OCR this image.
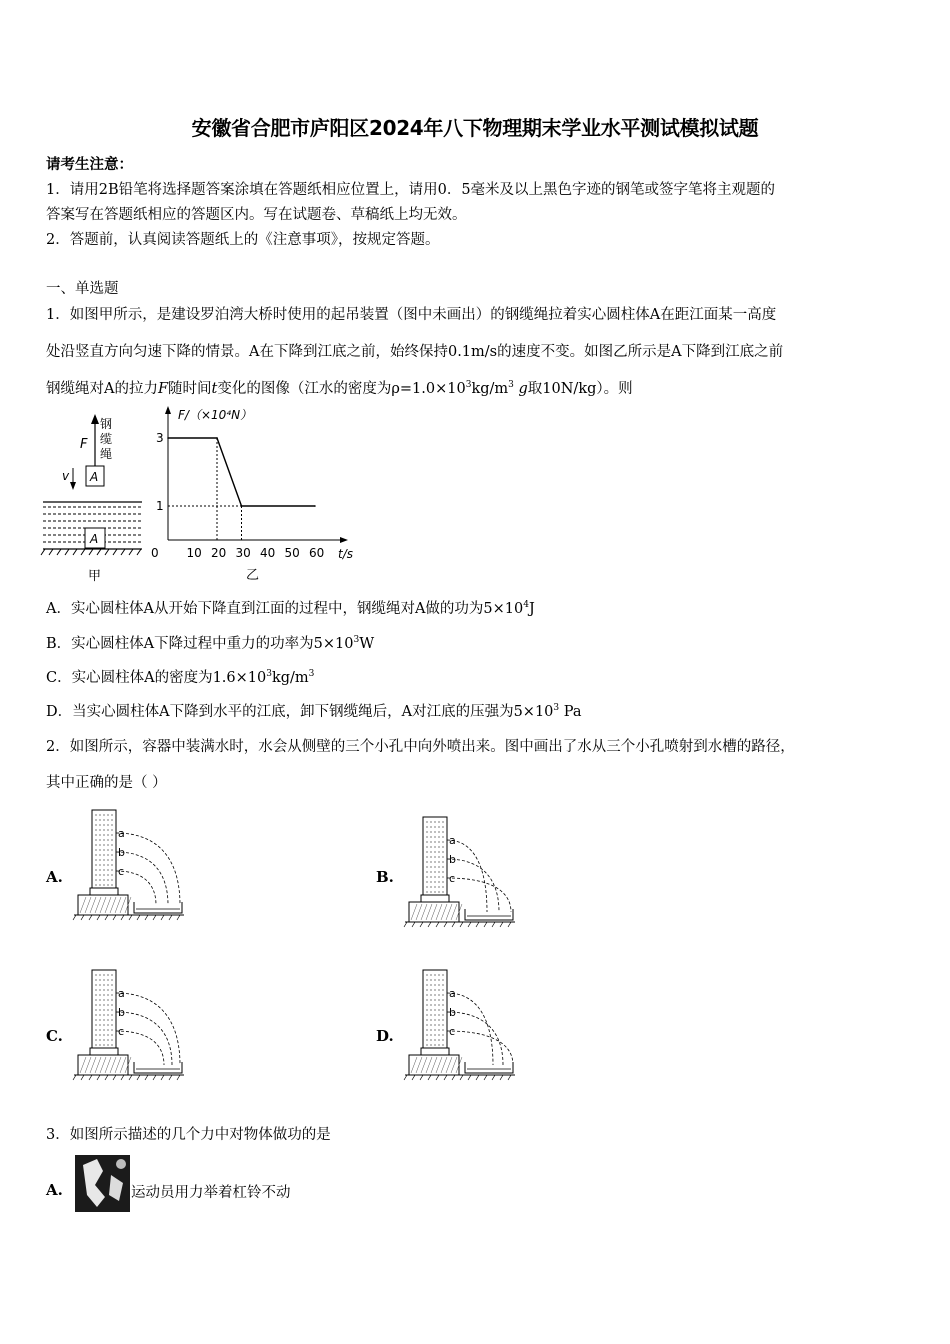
安徽省合肥市庐阳区2024年八下物理期末学业水平测试模拟试题
请考生注意：
1．请用2B铅笔将选择题答案涂填在答题纸相应位置上，请用0．5毫米及以上黑色字迹的钢笔或签字笔将主观题的
答案写在答题纸相应的答题区内。写在试题卷、草稿纸上均无效。
2．答题前，认真阅读答题纸上的《注意事项》，按规定答题。
一、单选题
1．如图甲所示，是建设罗泊湾大桥时使用的起吊装置（图中未画出）的钢缆绳拉着实心圆柱体A在距江面某一高度
处沿竖直方向匀速下降的情景。A在下降到江底之前，始终保持0.1m/s的速度不变。如图乙所示是A下降到江底之前
钢缆绳对A的拉力F随时间t变化的图像（江水的密度为$\rho=1.0\times 10^3kg/m^3$ g取10N/kg）。则
F
钢
缆
绳
A
v
A
甲
F/（×10⁴N）
t/s
0 10 20 30 40 50 60
1
3
乙
A．实心圆柱体A从开始下降直到江面的过程中，钢缆绳对A做的功为$5\times 10^4J$
B．实心圆柱体A下降过程中重力的功率为$5\times 10^3W$
C．实心圆柱体A的密度为$1.6\times 10^3kg/m^3$
D．当实心圆柱体A下降到水平的江底，卸下钢缆绳后，A对江底的压强为$5\times 10^3$ Pa
2．如图所示，容器中装满水时，水会从侧壁的三个小孔中向外喷出来。图中画出了水从三个小孔喷射到水槽的路径，
其中正确的是（ ）
A.	B.
C.	D.
a
b
c
a
b
c
a
b
c
a
b
c
3．如图所示描述的几个力中对物体做功的是
A.	运动员用力举着杠铃不动
